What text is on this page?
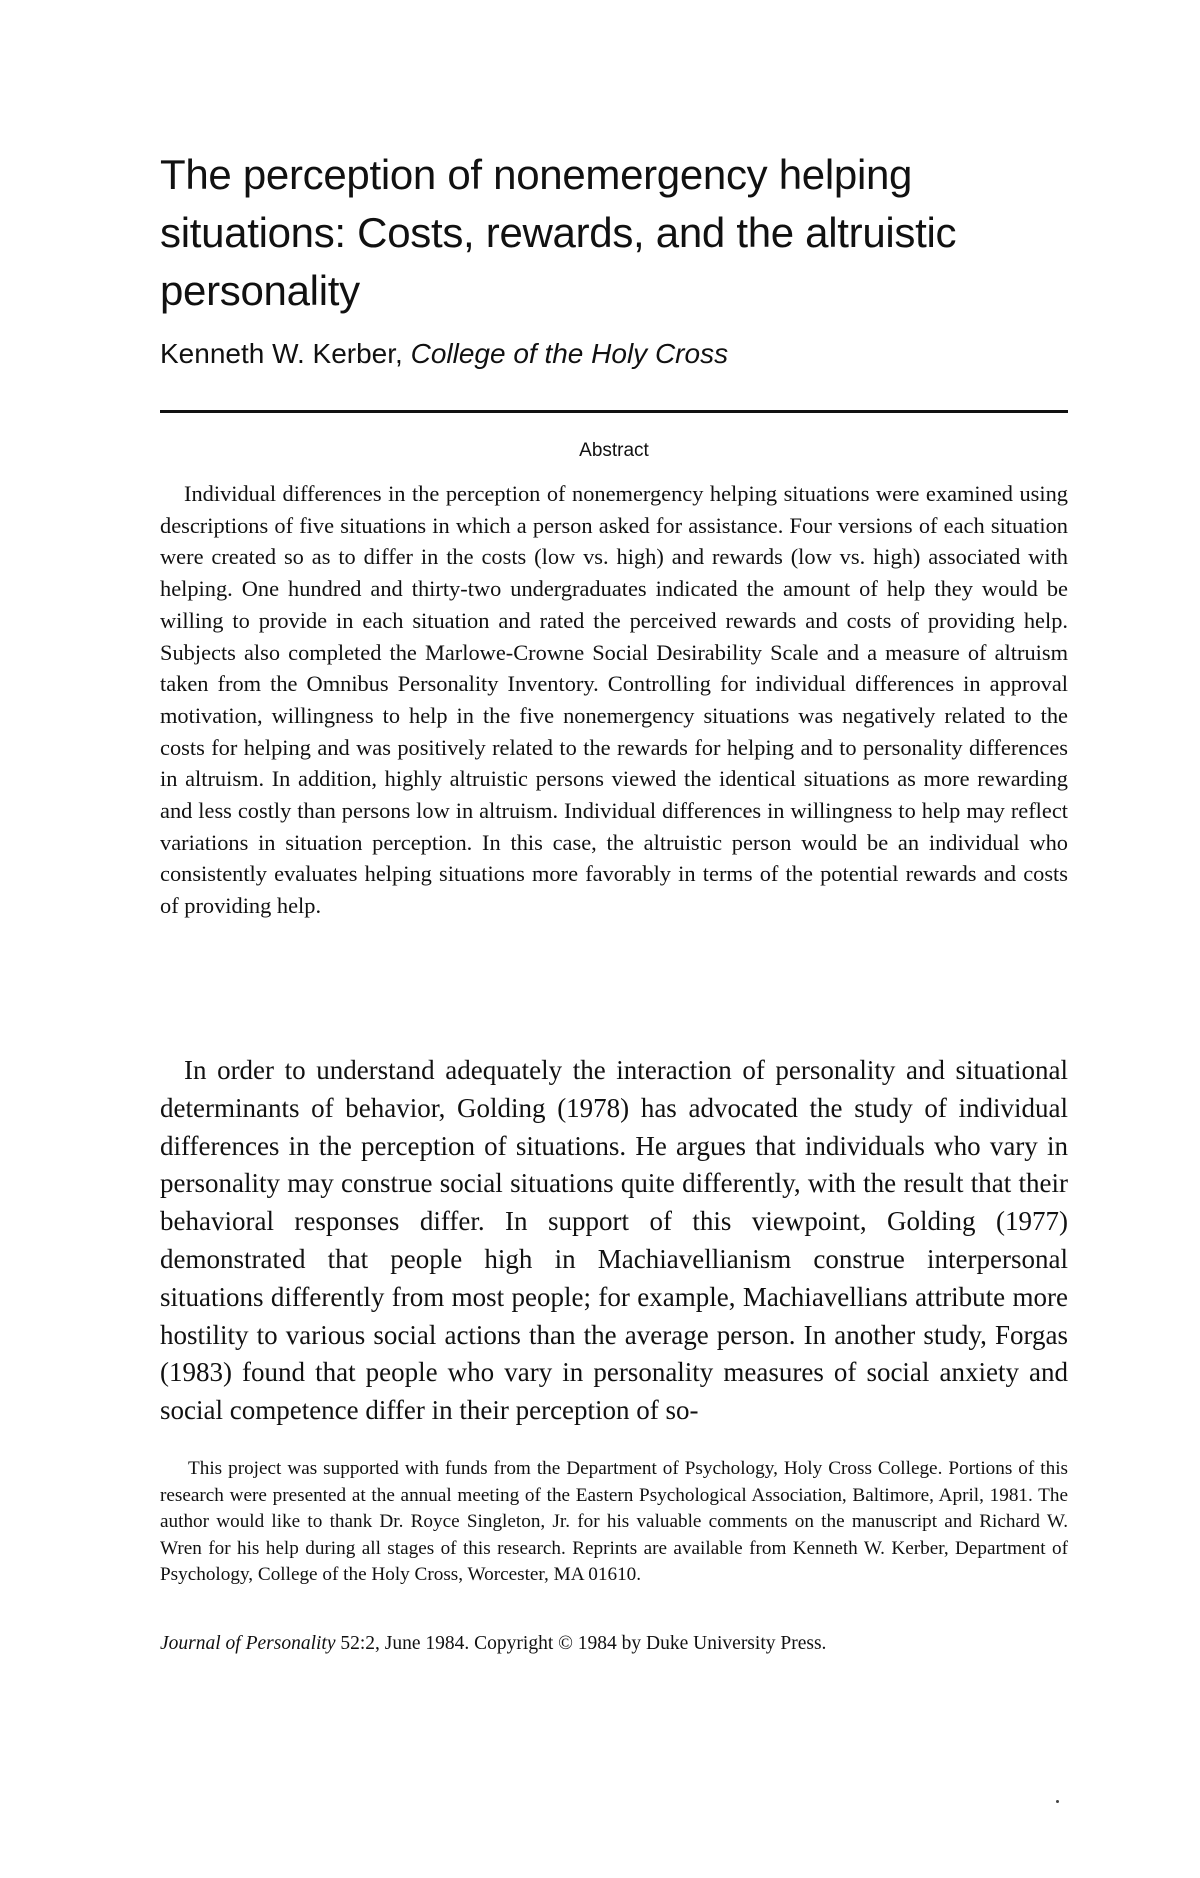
The perception of nonemergency helping situations: Costs, rewards, and the altruistic personality
Kenneth W. Kerber, College of the Holy Cross
Abstract

Individual differences in the perception of nonemergency helping situations were examined using descriptions of five situations in which a person asked for assistance. Four versions of each situation were created so as to differ in the costs (low vs. high) and rewards (low vs. high) associated with helping. One hundred and thirty-two undergraduates indicated the amount of help they would be willing to provide in each situation and rated the perceived rewards and costs of providing help. Subjects also completed the Marlowe-Crowne Social Desirability Scale and a measure of altruism taken from the Omnibus Personality Inventory. Controlling for individual differences in approval motivation, willingness to help in the five nonemergency situations was negatively related to the costs for helping and was positively related to the rewards for helping and to personality differences in altruism. In addition, highly altruistic persons viewed the identical situations as more rewarding and less costly than persons low in altruism. Individual differences in willingness to help may reflect variations in situation perception. In this case, the altruistic person would be an individual who consistently evaluates helping situations more favorably in terms of the potential rewards and costs of providing help.

In order to understand adequately the interaction of personality and situational determinants of behavior, Golding (1978) has advocated the study of individual differences in the perception of situations. He argues that individuals who vary in personality may construe social situations quite differently, with the result that their behavioral responses differ. In support of this viewpoint, Golding (1977) demonstrated that people high in Machiavellianism construe interpersonal situations differently from most people; for example, Machiavellians attribute more hostility to various social actions than the average person. In another study, Forgas (1983) found that people who vary in personality measures of social anxiety and social competence differ in their perception of so-

This project was supported with funds from the Department of Psychology, Holy Cross College. Portions of this research were presented at the annual meeting of the Eastern Psychological Association, Baltimore, April, 1981. The author would like to thank Dr. Royce Singleton, Jr. for his valuable comments on the manuscript and Richard W. Wren for his help during all stages of this research. Reprints are available from Kenneth W. Kerber, Department of Psychology, College of the Holy Cross, Worcester, MA 01610.

Journal of Personality 52:2, June 1984. Copyright © 1984 by Duke University Press.
